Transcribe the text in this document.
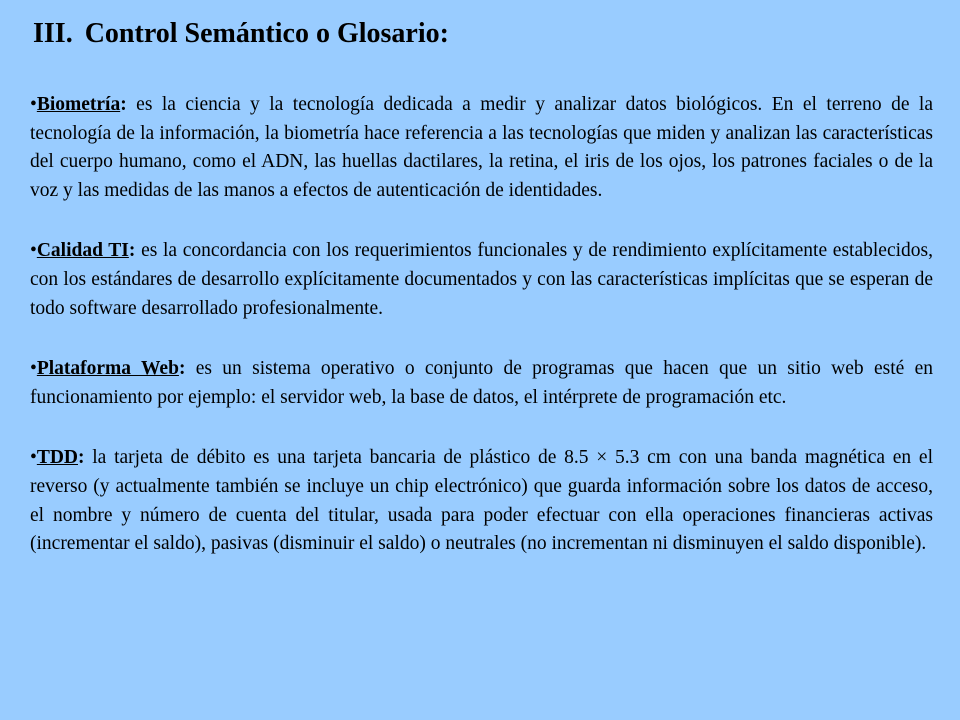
III. Control Semántico o Glosario:

•Biometría: es la ciencia y la tecnología dedicada a medir y analizar datos biológicos. En el terreno de la tecnología de la información, la biometría hace referencia a las tecnologías que miden y analizan las características del cuerpo humano, como el ADN, las huellas dactilares, la retina, el iris de los ojos, los patrones faciales o de la voz y las medidas de las manos a efectos de autenticación de identidades.

•Calidad TI: es la concordancia con los requerimientos funcionales y de rendimiento explícitamente establecidos, con los estándares de desarrollo explícitamente documentados y con las características implícitas que se esperan de todo software desarrollado profesionalmente.

•Plataforma Web: es un sistema operativo o conjunto de programas que hacen que un sitio web esté en funcionamiento por ejemplo: el servidor web, la base de datos, el intérprete de programación etc.

•TDD: la tarjeta de débito es una tarjeta bancaria de plástico de 8.5 × 5.3 cm con una banda magnética en el reverso (y actualmente también se incluye un chip electrónico) que guarda información sobre los datos de acceso, el nombre y número de cuenta del titular, usada para poder efectuar con ella operaciones financieras activas (incrementar el saldo), pasivas (disminuir el saldo) o neutrales (no incrementan ni disminuyen el saldo disponible).
